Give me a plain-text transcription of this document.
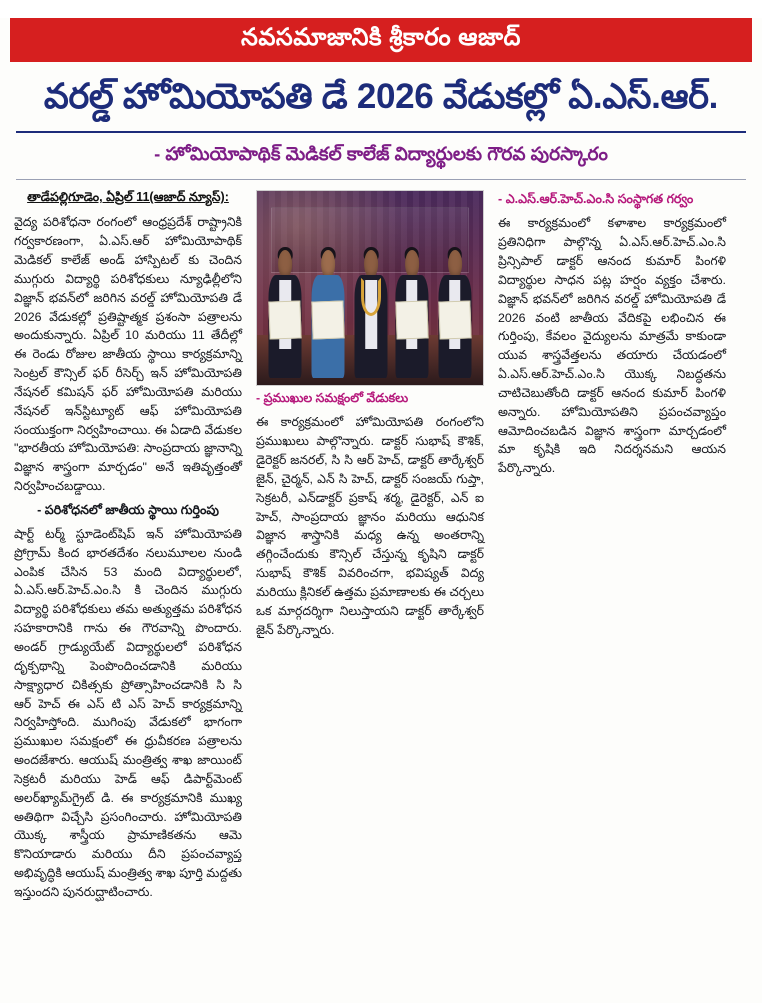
నవసమాజానికి శ్రీకారం ఆజాద్
వరల్డ్ హోమియోపతి డే 2026 వేడుకల్లో ఏ.ఎస్.ఆర్.
- హోమియోపాథిక్ మెడికల్ కాలేజ్ విద్యార్థులకు గౌరవ పురస్కారం
తాడేపల్లిగూడెం, ఏప్రిల్ 11(ఆజాద్ న్యూస్):

వైద్య పరిశోధనా రంగంలో ఆంధ్రప్రదేశ్ రాష్ట్రానికి గర్వకారణంగా, ఏ.ఎస్.ఆర్ హోమియోపాథిక్ మెడికల్ కాలేజ్ అండ్ హాస్పిటల్ కు చెందిన ముగ్గురు విద్యార్థి పరిశోధకులు న్యూఢిల్లీలోని విజ్ఞాన్ భవన్‌లో జరిగిన వరల్డ్ హోమియోపతి డే 2026 వేడుకల్లో ప్రతిష్టాత్మక ప్రశంసా పత్రాలను అందుకున్నారు. ఏప్రిల్ 10 మరియు 11 తేదీల్లో ఈ రెండు రోజుల జాతీయ స్థాయి కార్యక్రమాన్ని సెంట్రల్ కౌన్సిల్ ఫర్ రీసెర్చ్ ఇన్ హోమియోపతి నేషనల్ కమిషన్ ఫర్ హోమియోపతి మరియు నేషనల్ ఇన్‌స్టిట్యూట్ ఆఫ్ హోమియోపతి సంయుక్తంగా నిర్వహించాయి. ఈ ఏడాది వేడుకల "భారతీయ హోమియోపతి: సాంప్రదాయ జ్ఞానాన్ని విజ్ఞాన శాస్త్రంగా మార్చడం" అనే ఇతివృత్తంతో నిర్వహించబడ్డాయి.

- పరిశోధనలో జాతీయ స్థాయి గుర్తింపు

షార్ట్ టర్మ్ స్టూడెంట్‌షిప్ ఇన్ హోమియోపతి ప్రోగ్రామ్ కింద భారతదేశం నలుమూలల నుండి ఎంపిక చేసిన 53 మంది విద్యార్థులలో, ఏ.ఎస్.ఆర్.హెచ్.ఎం.సి కి చెందిన ముగ్గురు విద్యార్థి పరిశోధకులు తమ అత్యుత్తమ పరిశోధన సహకారానికి గాను ఈ గౌరవాన్ని పొందారు. అండర్ గ్రాడ్యుయేట్ విద్యార్థులలో పరిశోధన దృక్పథాన్ని పెంపొందించడానికి మరియు సాక్ష్యాధార చికిత్సకు ప్రోత్సాహించడానికి సి సి ఆర్ హెచ్ ఈ ఎస్ టి ఎస్ హెచ్ కార్యక్రమాన్ని నిర్వహిస్తోంది. ముగింపు వేడుకలో భాగంగా ప్రముఖుల సమక్షంలో ఈ ధ్రువీకరణ పత్రాలను అందజేశారు. ఆయుష్ మంత్రిత్వ శాఖ జాయింట్ సెక్రటరీ మరియు హెడ్ ఆఫ్ డిపార్ట్‌మెంట్ అలర్‌ఖ్యామ్‌గ్రైట్ డి. ఈ కార్యక్రమానికి ముఖ్య అతిథిగా విచ్చేసి ప్రసంగించారు. హోమియోపతి యొక్క శాస్త్రీయ ప్రామాణికతను ఆమె కొనియాడారు మరియు దీని ప్రపంచవ్యాప్త అభివృద్ధికి ఆయుష్ మంత్రిత్వ శాఖ పూర్తి మద్దతు ఇస్తుందని పునరుద్ఘాటించారు.

- ప్రముఖుల సమక్షంలో వేడుకలు

ఈ కార్యక్రమంలో హోమియోపతి రంగంలోని ప్రముఖులు పాల్గొన్నారు. డాక్టర్ సుభాష్ కౌశిక్, డైరెక్టర్ జనరల్, సి సి ఆర్ హెచ్, డాక్టర్ తార్కేశ్వర్ జైన్, చైర్మన్, ఎన్ సి హెచ్, డాక్టర్ సంజయ్ గుప్తా, సెక్రటరీ, ఎన్‌డాక్టర్ ప్రకాష్ శర్మ, డైరెక్టర్, ఎన్ ఐ హెచ్, సాంప్రదాయ జ్ఞానం మరియు ఆధునిక విజ్ఞాన శాస్త్రానికి మధ్య ఉన్న అంతరాన్ని తగ్గించేందుకు కౌన్సిల్ చేస్తున్న కృషిని డాక్టర్ సుభాష్ కౌశిక్ వివరించగా, భవిష్యత్ విద్య మరియు క్లినికల్ ఉత్తమ ప్రమాణాలకు ఈ చర్చలు ఒక మార్గదర్శిగా నిలుస్తాయని డాక్టర్ తార్కేశ్వర్ జైన్ పేర్కొన్నారు.

- ఎ.ఎస్.ఆర్.హెచ్.ఎం.సి సంస్థాగత గర్వం

ఈ కార్యక్రమంలో కళాశాల కార్యక్రమంలో ప్రతినిధిగా పాల్గొన్న ఏ.ఎస్.ఆర్.హెచ్.ఎం.సి ప్రిన్సిపాల్ డాక్టర్ ఆనంద కుమార్ పింగళి విద్యార్థుల సాధన పట్ల హర్షం వ్యక్తం చేశారు. విజ్ఞాన్ భవన్‌లో జరిగిన వరల్డ్ హోమియోపతి డే 2026 వంటి జాతీయ వేదికపై లభించిన ఈ గుర్తింపు, కేవలం వైద్యులను మాత్రమే కాకుండా యువ శాస్త్రవేత్తలను తయారు చేయడంలో ఏ.ఎస్.ఆర్.హెచ్.ఎం.సి యొక్క నిబద్ధతను చాటిచెబుతోంది డాక్టర్ ఆనంద కుమార్ పింగళి అన్నారు. హోమియోపతిని ప్రపంచవ్యాప్తం ఆమోదించబడిన విజ్ఞాన శాస్త్రంగా మార్చడంలో మా కృషికి ఇది నిదర్శనమని ఆయన పేర్కొన్నారు.
